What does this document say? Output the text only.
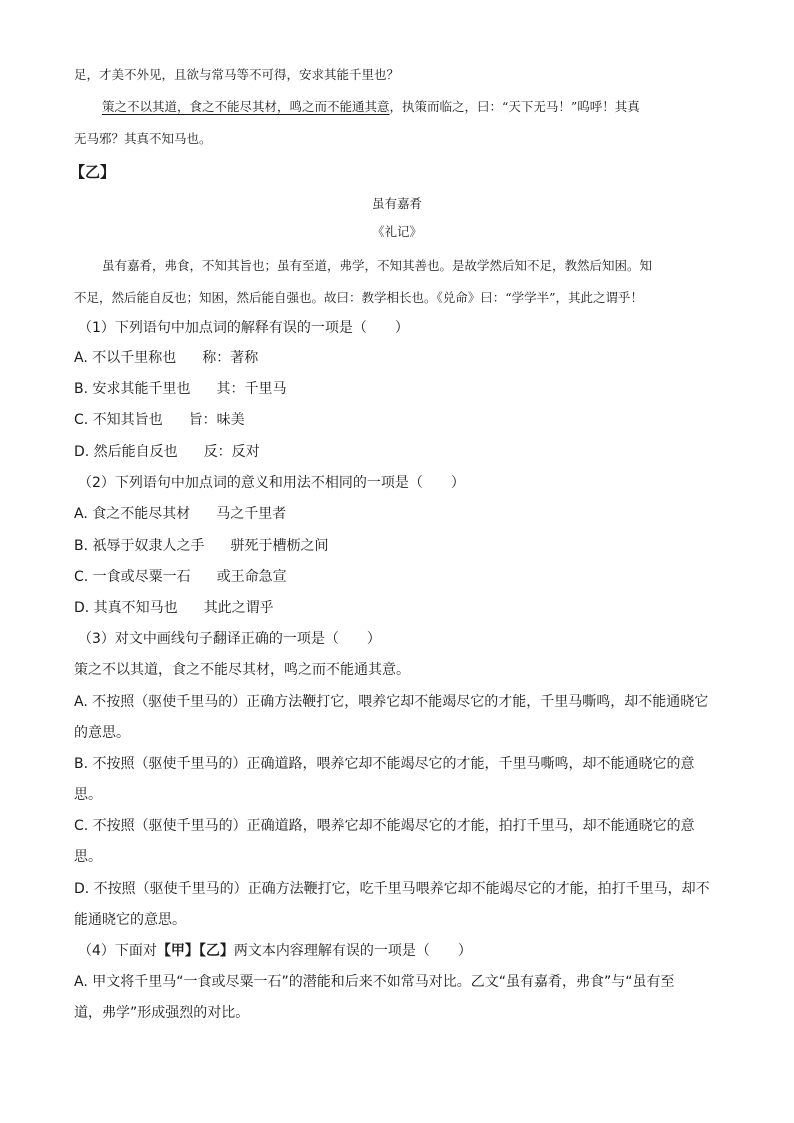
足，才美不外见，且欲与常马等不可得，安求其能千里也？
策之不以其道，食之不能尽其材，鸣之而不能通其意，执策而临之，曰：“天下无马！”呜呼！其真
无马邪？其真不知马也。
【乙】
虽有嘉肴
《礼记》
虽有嘉肴，弗食，不知其旨也；虽有至道，弗学，不知其善也。是故学然后知不足，教然后知困。知
不足，然后能自反也；知困，然后能自强也。故曰：教学相长也。《兑命》曰：“学学半”，其此之谓乎！
（1）下列语句中加点词的解释有误的一项是（　　）
A. 不以千里称也 称：著称
B. 安求其能千里也 其：千里马
C. 不知其旨也 旨：味美
D. 然后能自反也 反：反对
（2）下列语句中加点词的意义和用法不相同的一项是（　　）
A. 食之不能尽其材 马之千里者
B. 祇辱于奴隶人之手 骈死于槽枥之间
C. 一食或尽粟一石 或王命急宣
D. 其真不知马也 其此之谓乎
（3）对文中画线句子翻译正确的一项是（　　）
策之不以其道，食之不能尽其材，鸣之而不能通其意。
A. 不按照（驱使千里马的）正确方法鞭打它，喂养它却不能竭尽它的才能，千里马嘶鸣，却不能通晓它
的意思。
B. 不按照（驱使千里马的）正确道路，喂养它却不能竭尽它的才能，千里马嘶鸣，却不能通晓它的意
思。
C. 不按照（驱使千里马的）正确道路，喂养它却不能竭尽它的才能，拍打千里马，却不能通晓它的意
思。
D. 不按照（驱使千里马的）正确方法鞭打它，吃千里马喂养它却不能竭尽它的才能，拍打千里马，却不
能通晓它的意思。
（4）下面对【甲】【乙】两文本内容理解有误的一项是（　　）
A. 甲文将千里马“一食或尽粟一石”的潜能和后来不如常马对比。乙文“虽有嘉肴，弗食”与“虽有至
道，弗学”形成强烈的对比。
